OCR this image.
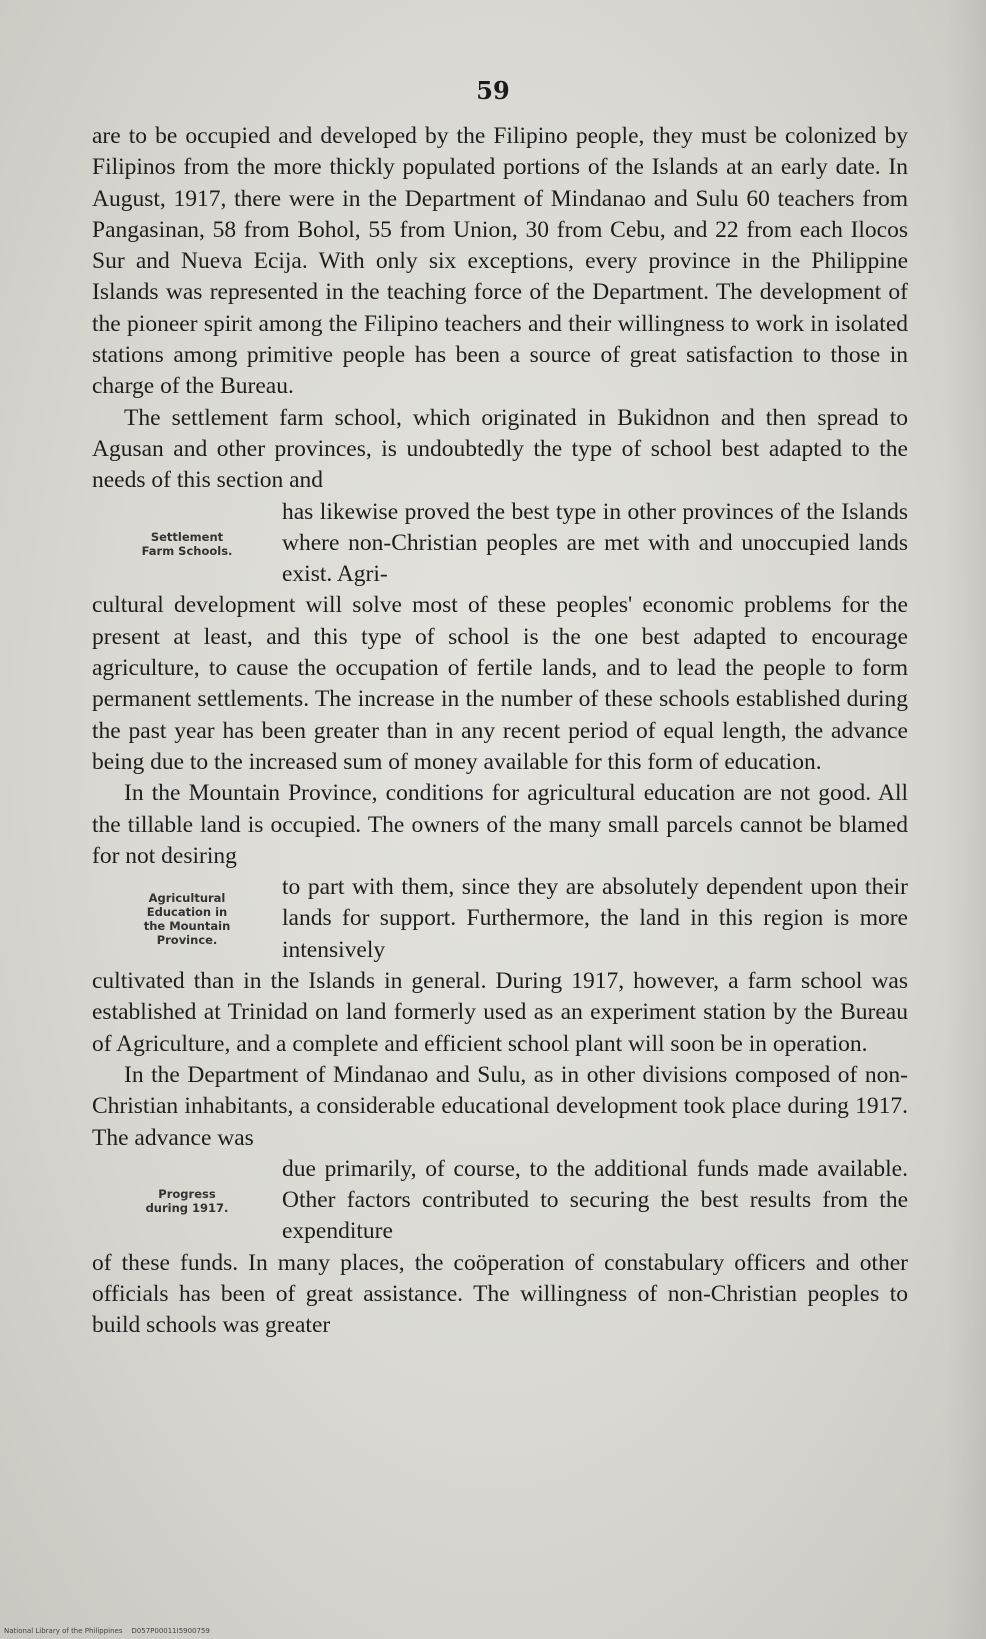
59

are to be occupied and developed by the Filipino people, they must be colonized by Filipinos from the more thickly populated portions of the Islands at an early date. In August, 1917, there were in the Department of Mindanao and Sulu 60 teachers from Pangasinan, 58 from Bohol, 55 from Union, 30 from Cebu, and 22 from each Ilocos Sur and Nueva Ecija. With only six exceptions, every province in the Philippine Islands was represented in the teaching force of the Department. The development of the pioneer spirit among the Filipino teachers and their willingness to work in isolated stations among primitive people has been a source of great satisfaction to those in charge of the Bureau.

The settlement farm school, which originated in Bukidnon and then spread to Agusan and other provinces, is undoubtedly the type of school best adapted to the needs of this section and

Settlement
Farm Schools.

has likewise proved the best type in other provinces of the Islands where non-Christian peoples are met with and unoccupied lands exist. Agri-

cultural development will solve most of these peoples' economic problems for the present at least, and this type of school is the one best adapted to encourage agriculture, to cause the occupation of fertile lands, and to lead the people to form permanent settlements. The increase in the number of these schools established during the past year has been greater than in any recent period of equal length, the advance being due to the increased sum of money available for this form of education.

In the Mountain Province, conditions for agricultural education are not good. All the tillable land is occupied. The owners of the many small parcels cannot be blamed for not desiring

Agricultural
Education in
the Mountain
Province.

to part with them, since they are absolutely dependent upon their lands for support. Furthermore, the land in this region is more intensively

cultivated than in the Islands in general. During 1917, however, a farm school was established at Trinidad on land formerly used as an experiment station by the Bureau of Agriculture, and a complete and efficient school plant will soon be in operation.

In the Department of Mindanao and Sulu, as in other divisions composed of non-Christian inhabitants, a considerable educational development took place during 1917. The advance was

Progress
during 1917.

due primarily, of course, to the additional funds made available. Other factors contributed to securing the best results from the expenditure

of these funds. In many places, the coöperation of constabulary officers and other officials has been of great assistance. The willingness of non-Christian peoples to build schools was greater

National Library of the Philippines    D057P00011I5900759
